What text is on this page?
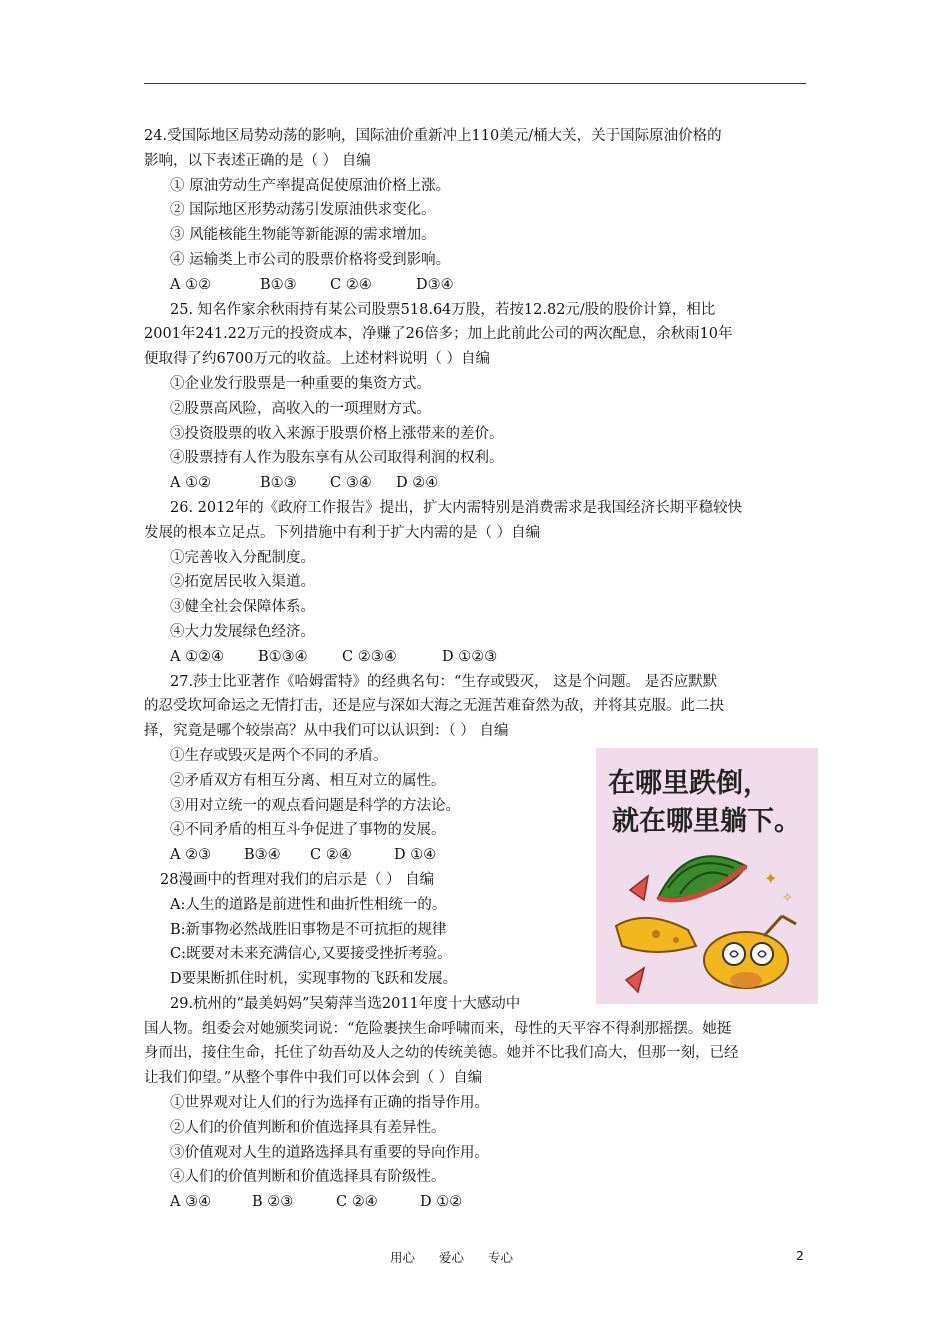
24.受国际地区局势动荡的影响，国际油价重新冲上110美元/桶大关，关于国际原油价格的
影响，以下表述正确的是（ ） 自编
① 原油劳动生产率提高促使原油价格上涨。
② 国际地区形势动荡引发原油供求变化。
③ 风能核能生物能等新能源的需求增加。
④ 运输类上市公司的股票价格将受到影响。
A ①②	B①③	C ②④	D③④
25. 知名作家余秋雨持有某公司股票518.64万股，若按12.82元/股的股价计算，相比
2001年241.22万元的投资成本，净赚了26倍多；加上此前此公司的两次配息，余秋雨10年
便取得了约6700万元的收益。上述材料说明（ ）自编
①企业发行股票是一种重要的集资方式。
②股票高风险，高收入的一项理财方式。
③投资股票的收入来源于股票价格上涨带来的差价。
④股票持有人作为股东享有从公司取得利润的权利。
A ①②	B①③	C ③④	D ②④
26. 2012年的《政府工作报告》提出，扩大内需特别是消费需求是我国经济长期平稳较快
发展的根本立足点。下列措施中有利于扩大内需的是（ ）自编
①完善收入分配制度。
②拓宽居民收入渠道。
③健全社会保障体系。
④大力发展绿色经济。
A ①②④	B①③④	C ②③④	D ①②③
27.莎士比亚著作《哈姆雷特》的经典名句：“生存或毁灭， 这是个问题。 是否应默默
的忍受坎坷命运之无情打击，还是应与深如大海之无涯苦难奋然为敌，并将其克服。此二抉
择，究竟是哪个较崇高？从中我们可以认识到：（ ） 自编
①生存或毁灭是两个不同的矛盾。
②矛盾双方有相互分离、相互对立的属性。
③用对立统一的观点看问题是科学的方法论。
④不同矛盾的相互斗争促进了事物的发展。
A ②③	B③④	C ②④	D ①④
28漫画中的哲理对我们的启示是（ ） 自编
A:人生的道路是前进性和曲折性相统一的。
B:新事物必然战胜旧事物是不可抗拒的规律
C:既要对未来充满信心,又要接受挫折考验。
D要果断抓住时机，实现事物的飞跃和发展。
29.杭州的“最美妈妈”吴菊萍当选2011年度十大感动中
国人物。组委会对她颁奖词说：“危险裹挟生命呼啸而来，母性的天平容不得刹那摇摆。她挺
身而出，接住生命，托住了幼吾幼及人之幼的传统美德。她并不比我们高大，但那一刻，已经
让我们仰望。”从整个事件中我们可以体会到（ ）自编
①世界观对让人们的行为选择有正确的指导作用。
②人们的价值判断和价值选择具有差异性。
③价值观对人生的道路选择具有重要的导向作用。
④人们的价值判断和价值选择具有阶级性。
A ③④	B ②③	C ②④	D ①②
在哪里跌倒，
就在哪里躺下。
✦
✧
用心 爱心 专心	2
